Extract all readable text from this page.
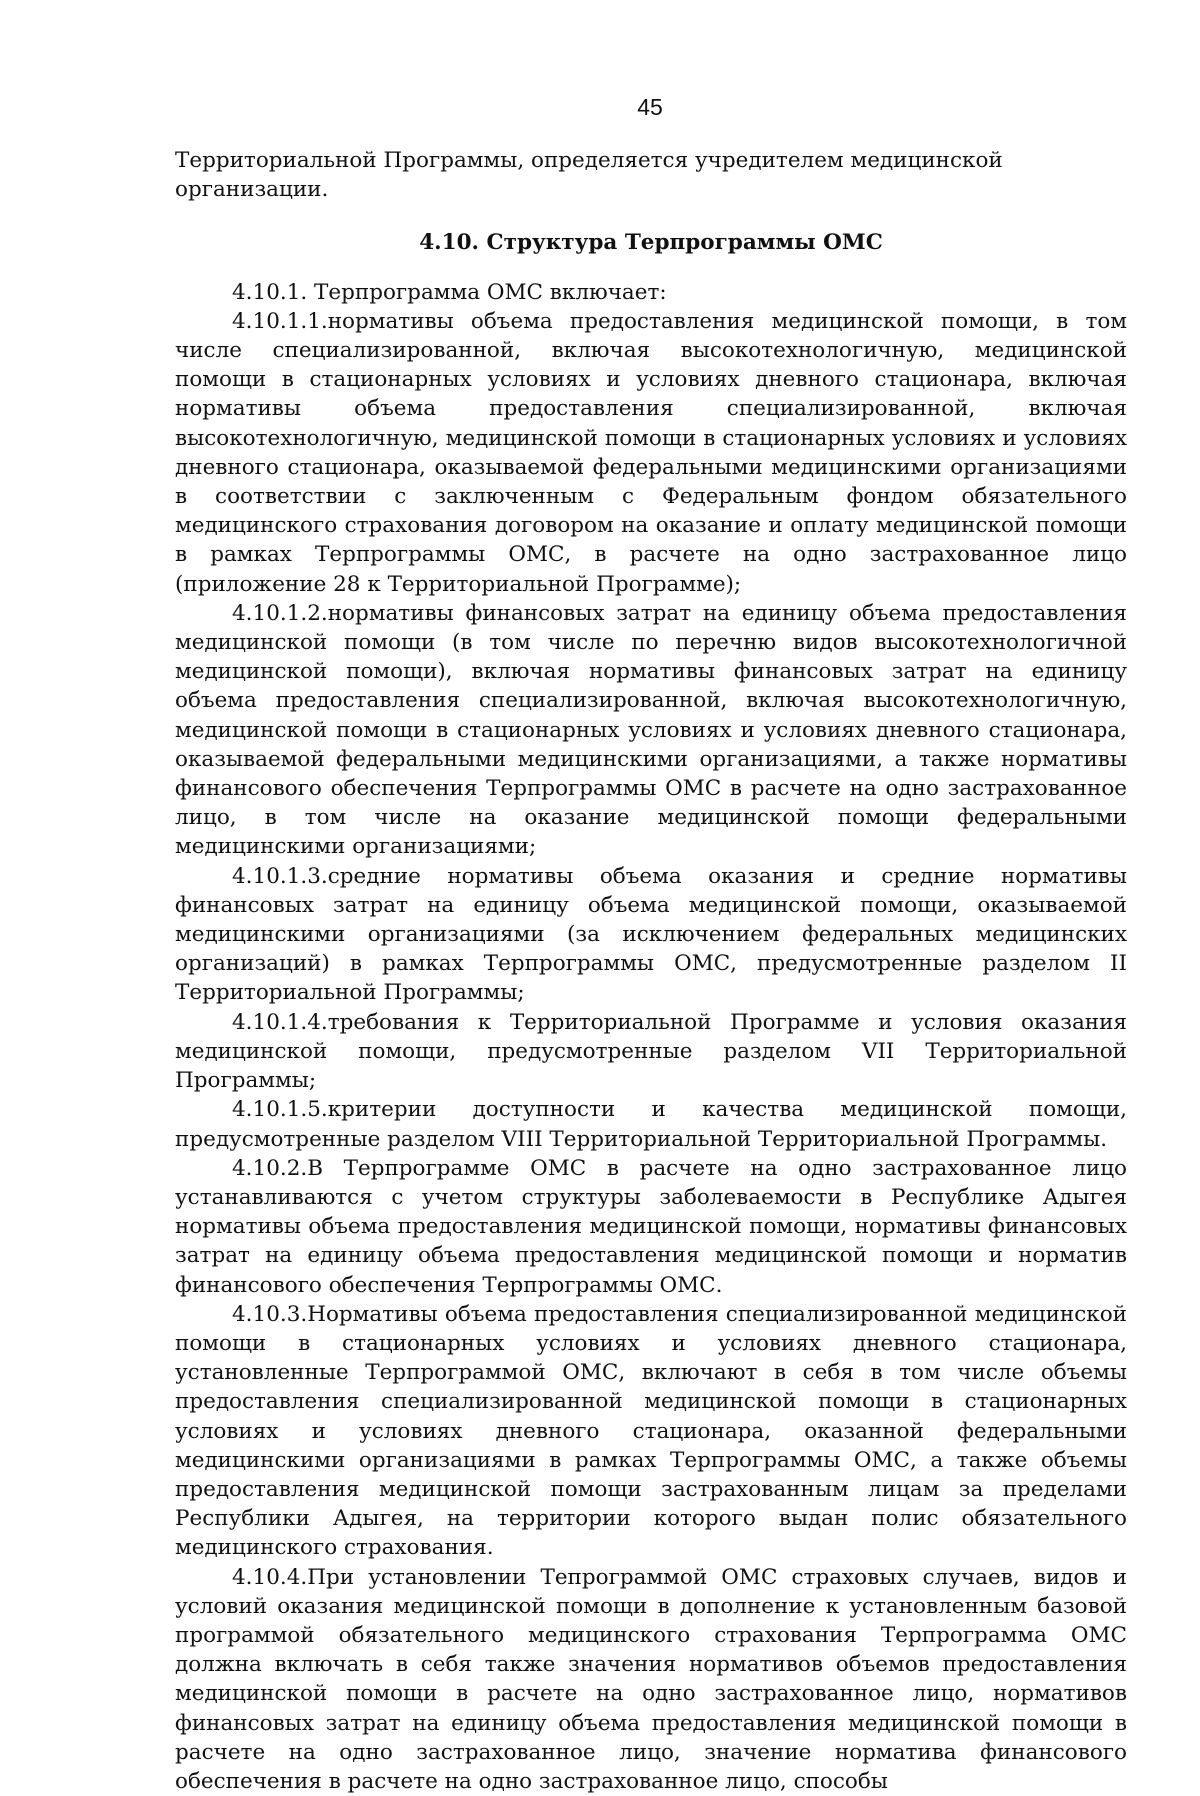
45

Территориальной Программы, определяется учредителем медицинской организации.

4.10. Структура Терпрограммы ОМС

4.10.1. Терпрограмма ОМС включает:

4.10.1.1.нормативы объема предоставления медицинской помощи, в том числе специализированной, включая высокотехнологичную, медицинской помощи в стационарных условиях и условиях дневного стационара, включая нормативы объема предоставления специализированной, включая высокотехнологичную, медицинской помощи в стационарных условиях и условиях дневного стационара, оказываемой федеральными медицинскими организациями в соответствии с заключенным с Федеральным фондом обязательного медицинского страхования договором на оказание и оплату медицинской помощи в рамках Терпрограммы ОМС, в расчете на одно застрахованное лицо (приложение 28 к Территориальной Программе);

4.10.1.2.нормативы финансовых затрат на единицу объема предоставления медицинской помощи (в том числе по перечню видов высокотехнологичной медицинской помощи), включая нормативы финансовых затрат на единицу объема предоставления специализированной, включая высокотехнологичную, медицинской помощи в стационарных условиях и условиях дневного стационара, оказываемой федеральными медицинскими организациями, а также нормативы финансового обеспечения Терпрограммы ОМС в расчете на одно застрахованное лицо, в том числе на оказание медицинской помощи федеральными медицинскими организациями;

4.10.1.3.средние нормативы объема оказания и средние нормативы финансовых затрат на единицу объема медицинской помощи, оказываемой медицинскими организациями (за исключением федеральных медицинских организаций) в рамках Терпрограммы ОМС, предусмотренные разделом II Территориальной Программы;

4.10.1.4.требования к Территориальной Программе и условия оказания медицинской помощи, предусмотренные разделом VII Территориальной Программы;

4.10.1.5.критерии доступности и качества медицинской помощи, предусмотренные разделом VIII Территориальной Территориальной Программы.

4.10.2.В Терпрограмме ОМС в расчете на одно застрахованное лицо устанавливаются с учетом структуры заболеваемости в Республике Адыгея нормативы объема предоставления медицинской помощи, нормативы финансовых затрат на единицу объема предоставления медицинской помощи и норматив финансового обеспечения Терпрограммы ОМС.

4.10.3.Нормативы объема предоставления специализированной медицинской помощи в стационарных условиях и условиях дневного стационара, установленные Терпрограммой ОМС, включают в себя в том числе объемы предоставления специализированной медицинской помощи в стационарных условиях и условиях дневного стационара, оказанной федеральными медицинскими организациями в рамках Терпрограммы ОМС, а также объемы предоставления медицинской помощи застрахованным лицам за пределами Республики Адыгея, на территории которого выдан полис обязательного медицинского страхования.

4.10.4.При установлении Тепрограммой ОМС страховых случаев, видов и условий оказания медицинской помощи в дополнение к установленным базовой программой обязательного медицинского страхования Терпрограмма ОМС должна включать в себя также значения нормативов объемов предоставления медицинской помощи в расчете на одно застрахованное лицо, нормативов финансовых затрат на единицу объема предоставления медицинской помощи в расчете на одно застрахованное лицо, значение норматива финансового обеспечения в расчете на одно застрахованное лицо, способы
